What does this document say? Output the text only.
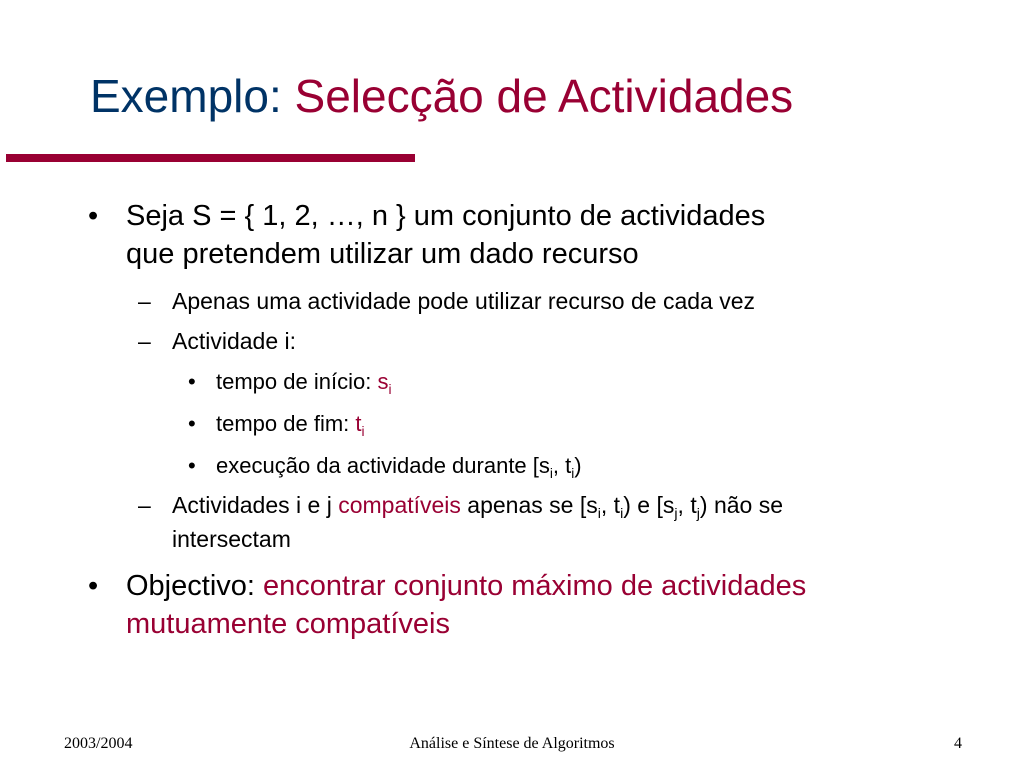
Exemplo: Selecção de Actividades
• Seja S = { 1, 2, …, n } um conjunto de actividades

que pretendem utilizar um dado recurso

– Apenas uma actividade pode utilizar recurso de cada vez

– Actividade i:

• tempo de início: $s_i$

• tempo de fim: $t_i$

• execução da actividade durante [$s_i$, $t_i$)

– Actividades i e j compatíveis apenas se [$s_i$, $t_i$) e [$s_j$, $t_j$) não se

intersectam

• Objectivo: encontrar conjunto máximo de actividades

mutuamente compatíveis

2003/2004	Análise e Síntese de Algoritmos	4
